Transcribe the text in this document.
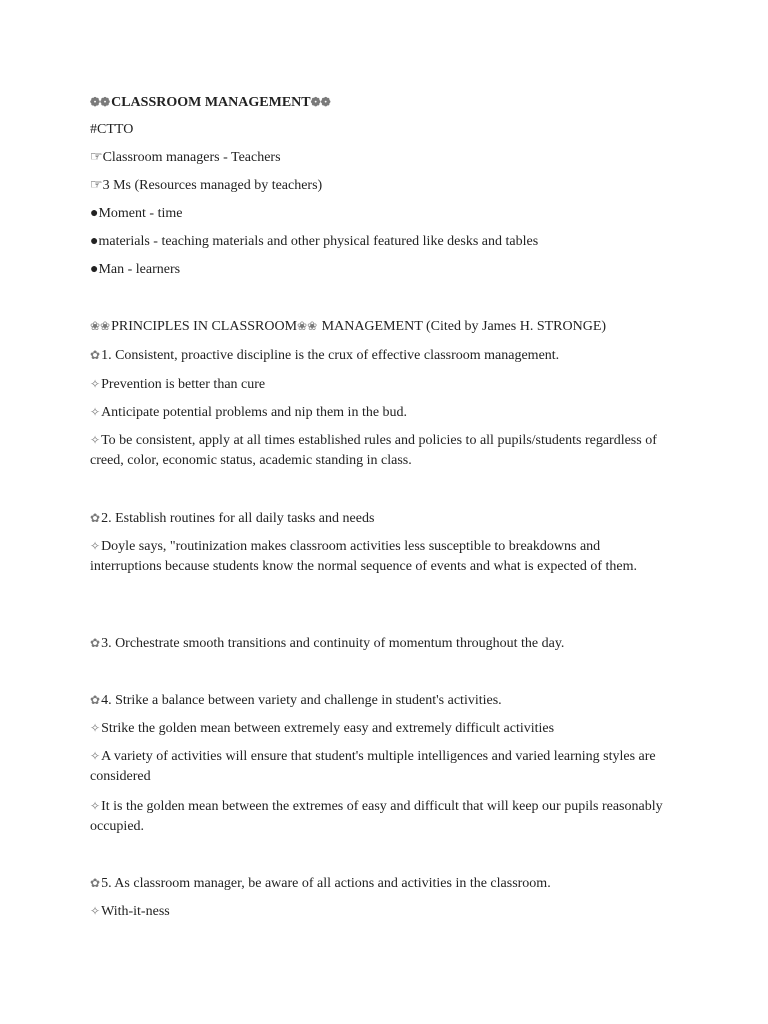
❁❁CLASSROOM MANAGEMENT❁❁
#CTTO
☞Classroom managers - Teachers
☞3 Ms (Resources managed by teachers)
●Moment - time
●materials - teaching materials and other physical featured like desks and tables
●Man - learners
❀❀PRINCIPLES IN CLASSROOM❀❀ MANAGEMENT (Cited by James H. STRONGE)
✿1. Consistent, proactive discipline is the crux of effective classroom management.
✧Prevention is better than cure
✧Anticipate potential problems and nip them in the bud.
✧To be consistent, apply at all times established rules and policies to all pupils/students regardless of creed, color, economic status, academic standing in class.
✿2. Establish routines for all daily tasks and needs
✧Doyle says, "routinization makes classroom activities less susceptible to breakdowns and interruptions because students know the normal sequence of events and what is expected of them.
✿3. Orchestrate smooth transitions and continuity of momentum throughout the day.
✿4. Strike a balance between variety and challenge in student's activities.
✧Strike the golden mean between extremely easy and extremely difficult activities
✧A variety of activities will ensure that student's multiple intelligences and varied learning styles are considered
✧It is the golden mean between the extremes of easy and difficult that will keep our pupils reasonably occupied.
✿5. As classroom manager, be aware of all actions and activities in the classroom.
✧With-it-ness
